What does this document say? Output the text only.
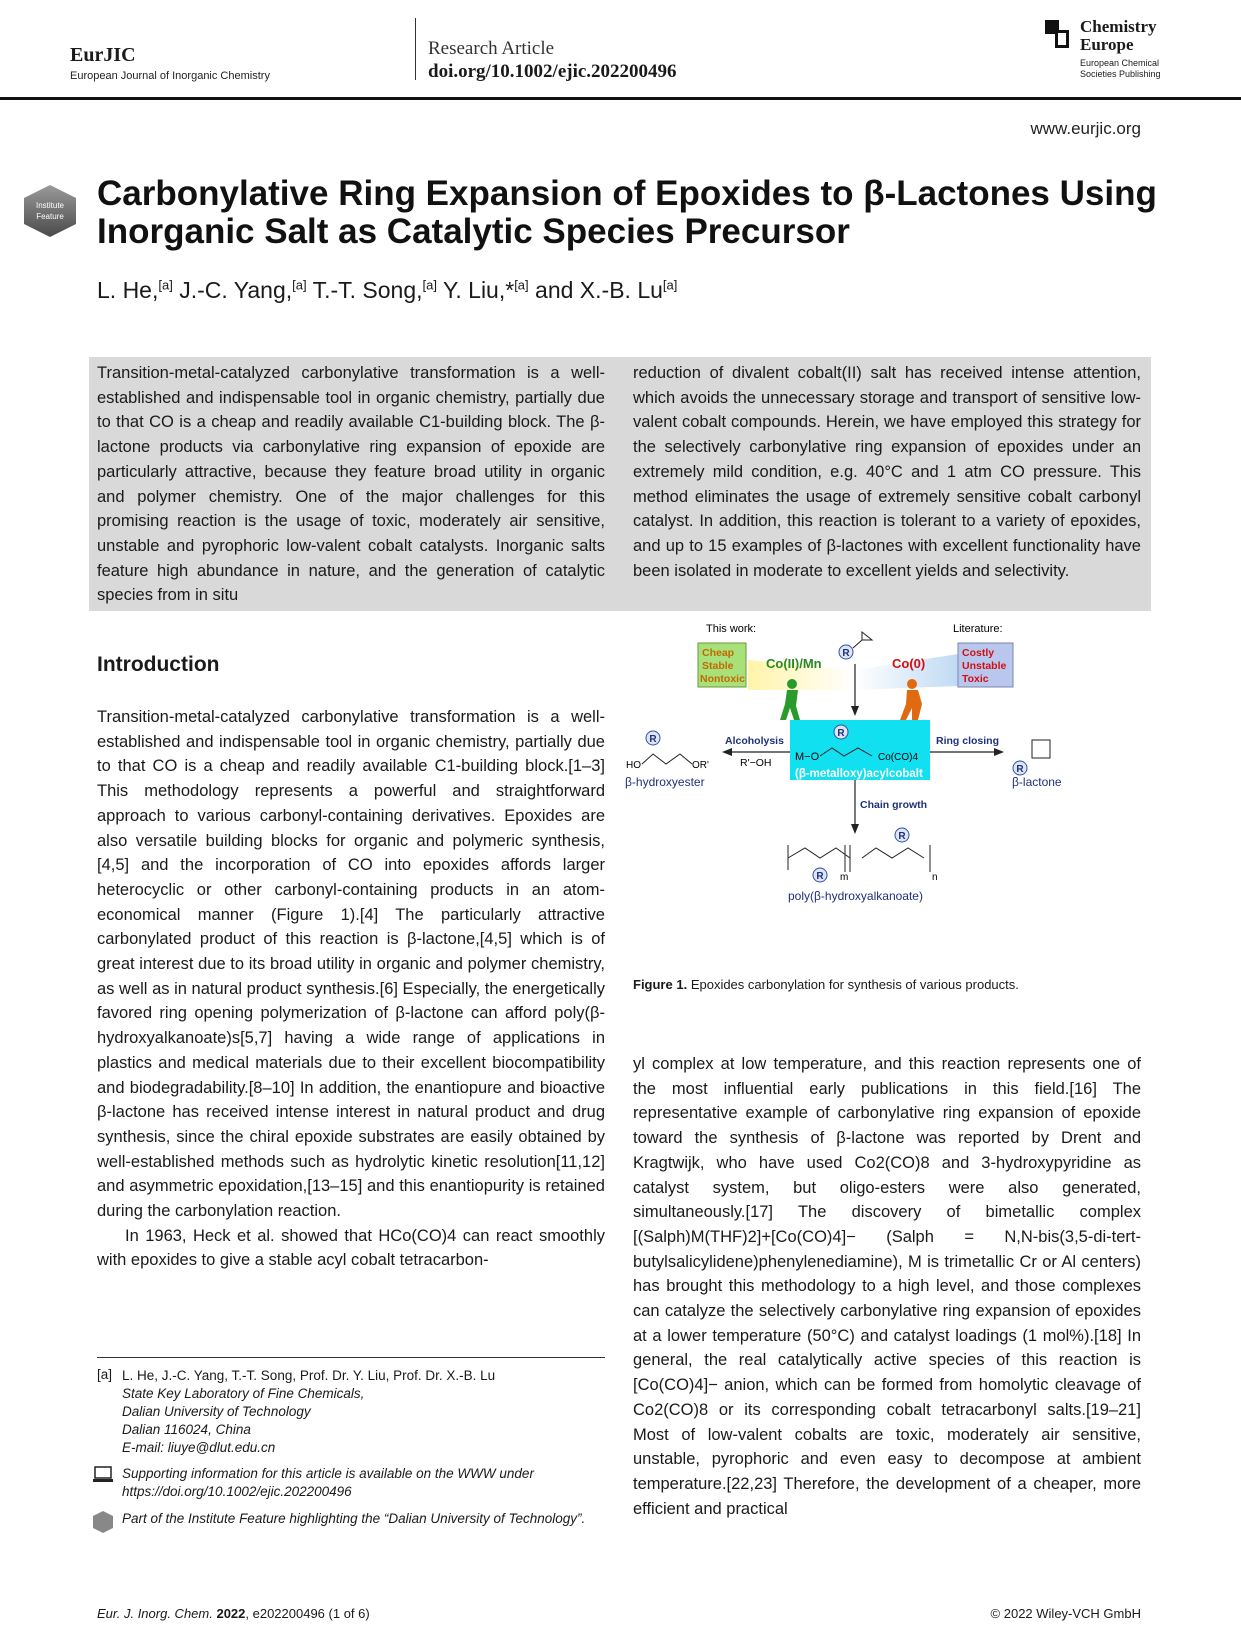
EurJIC
European Journal of Inorganic Chemistry
Research Article
doi.org/10.1002/ejic.202200496
Chemistry
Europe
European Chemical
Societies Publishing
www.eurjic.org
Institute
Feature
Carbonylative Ring Expansion of Epoxides to β-Lactones Using Inorganic Salt as Catalytic Species Precursor
L. He,[a] J.-C. Yang,[a] T.-T. Song,[a] Y. Liu,*[a] and X.-B. Lu[a]
Transition-metal-catalyzed carbonylative transformation is a well-established and indispensable tool in organic chemistry, partially due to that CO is a cheap and readily available C1-building block. The β-lactone products via carbonylative ring expansion of epoxide are particularly attractive, because they feature broad utility in organic and polymer chemistry. One of the major challenges for this promising reaction is the usage of toxic, moderately air sensitive, unstable and pyrophoric low-valent cobalt catalysts. Inorganic salts feature high abundance in nature, and the generation of catalytic species from in situ
reduction of divalent cobalt(II) salt has received intense attention, which avoids the unnecessary storage and transport of sensitive low-valent cobalt compounds. Herein, we have employed this strategy for the selectively carbonylative ring expansion of epoxides under an extremely mild condition, e.g. 40°C and 1 atm CO pressure. This method eliminates the usage of extremely sensitive cobalt carbonyl catalyst. In addition, this reaction is tolerant to a variety of epoxides, and up to 15 examples of β-lactones with excellent functionality have been isolated in moderate to excellent yields and selectivity.
Introduction
Transition-metal-catalyzed carbonylative transformation is a well-established and indispensable tool in organic chemistry, partially due to that CO is a cheap and readily available C1-building block.[1–3] This methodology represents a powerful and straightforward approach to various carbonyl-containing derivatives. Epoxides are also versatile building blocks for organic and polymeric synthesis,[4,5] and the incorporation of CO into epoxides affords larger heterocyclic or other carbonyl-containing products in an atom-economical manner (Figure 1).[4] The particularly attractive carbonylated product of this reaction is β-lactone,[4,5] which is of great interest due to its broad utility in organic and polymer chemistry, as well as in natural product synthesis.[6] Especially, the energetically favored ring opening polymerization of β-lactone can afford poly(β-hydroxyalkanoate)s[5,7] having a wide range of applications in plastics and medical materials due to their excellent biocompatibility and biodegradability.[8–10] In addition, the enantiopure and bioactive β-lactone has received intense interest in natural product and drug synthesis, since the chiral epoxide substrates are easily obtained by well-established methods such as hydrolytic kinetic resolution[11,12] and asymmetric epoxidation,[13–15] and this enantiopurity is retained during the carbonylation reaction.
In 1963, Heck et al. showed that HCo(CO)4 can react smoothly with epoxides to give a stable acyl cobalt tetracarbon-
yl complex at low temperature, and this reaction represents one of the most influential early publications in this field.[16] The representative example of carbonylative ring expansion of epoxide toward the synthesis of β-lactone was reported by Drent and Kragtwijk, who have used Co2(CO)8 and 3-hydroxypyridine as catalyst system, but oligo-esters were also generated, simultaneously.[17] The discovery of bimetallic complex [(Salph)M(THF)2]+[Co(CO)4]− (Salph = N,N-bis(3,5-di-tert-butylsalicylidene)phenylenediamine), M is trimetallic Cr or Al centers) has brought this methodology to a high level, and those complexes can catalyze the selectively carbonylative ring expansion of epoxides at a lower temperature (50°C) and catalyst loadings (1 mol%).[18] In general, the real catalytically active species of this reaction is [Co(CO)4]− anion, which can be formed from homolytic cleavage of Co2(CO)8 or its corresponding cobalt tetracarbonyl salts.[19–21] Most of low-valent cobalts are toxic, moderately air sensitive, unstable, pyrophoric and even easy to decompose at ambient temperature.[22,23] Therefore, the development of a cheaper, more efficient and practical
This work:	Literature:
Cheap
Stable
Nontoxic
Costly
Unstable
Toxic
Co(II)/Mn	Co(0)
R
R
M−O	Co(CO)4
(β-metalloxy)acylcobalt
Alcoholysis
R'−OH
R
HO	OR'
β-hydroxyester
Ring closing
R
β-lactone
Chain growth
R
R
m	n
poly(β-hydroxyalkanoate)
Figure 1. Epoxides carbonylation for synthesis of various products.
[a] L. He, J.-C. Yang, T.-T. Song, Prof. Dr. Y. Liu, Prof. Dr. X.-B. Lu
State Key Laboratory of Fine Chemicals,
Dalian University of Technology
Dalian 116024, China
E-mail: liuye@dlut.edu.cn
Supporting information for this article is available on the WWW under https://doi.org/10.1002/ejic.202200496
Part of the Institute Feature highlighting the “Dalian University of Technology”.
Eur. J. Inorg. Chem. 2022, e202200496 (1 of 6)	© 2022 Wiley-VCH GmbH
